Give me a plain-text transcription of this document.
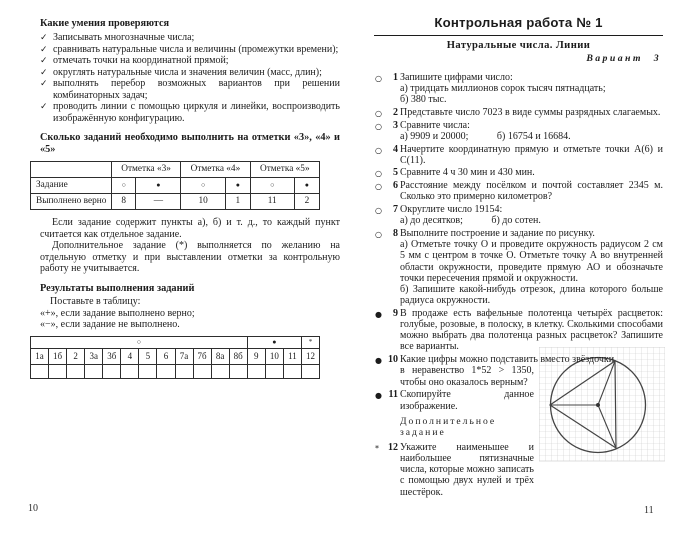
Какие умения проверяются
✓ Записывать многозначные числа;
✓ сравнивать натуральные числа и величины (промежутки времени);
✓ отмечать точки на координатной прямой;
✓ округлять натуральные числа и значения величин (масс, длин);
✓ выполнять перебор возможных вариантов при решении комбинаторных задач;
✓ проводить линии с помощью циркуля и линейки, воспроизводить изображённую конфигурацию.
Сколько заданий необходимо выполнить на отметки «3», «4» и «5»
	Отметка «3»		Отметка «4»		Отметка «5»	
Задание	○	●	○	●	○	●
Выполнено верно	8	—	10	1	11	2
Если задание содержит пункты а), б) и т. д., то каждый пункт считается как отдельное задание.
Дополнительное задание (*) выполняется по желанию на отдельную отметку и при выставлении отметки за контрольную работу не учитывается.
Результаты выполнения заданий
Поставьте в таблицу:
«+», если задание выполнено верно;
«−», если задание не выполнено.
○												●			*
1а	1б	2	3а	3б	4	5	6	7а	7б	8а	8б	9	10	11	12

Контрольная работа № 1
Натуральные числа. Линии
Вариант 3
○	1 Запишите цифрами число:
а) тридцать миллионов сорок тысяч пятнадцать;
б) 380 тыс.
○	2 Представьте число 7023 в виде суммы разрядных слагаемых.
○	3 Сравните числа:
а) 9909 и 20000;	б) 16754 и 16684.
○	4 Начертите координатную прямую и отметьте точки А(6) и С(11).
○	5 Сравните 4 ч 30 мин и 430 мин.
○	6 Расстояние между посёлком и почтой составляет 2345 м. Сколько это примерно километров?
○	7 Округлите число 19154:
а) до десятков;	б) до сотен.
○	8 Выполните построение и задание по рисунку.
а) Отметьте точку О и проведите окружность радиусом 2 см 5 мм с центром в точке О. Отметьте точку А во внутренней области окружности, проведите прямую АО и обозначьте точки пересечения прямой и окружности.
б) Запишите какой-нибудь отрезок, длина которого больше радиуса окружности.
●	9 В продаже есть вафельные полотенца четырёх расцветок: голубые, розовые, в полоску, в клетку. Сколькими способами можно выбрать два полотенца разных расцветок? Запишите все варианты.
● 10 Какие цифры можно подставить вместо звёздочки
в неравенство 1*52 > 1350, чтобы оно оказалось верным?
● 11 Скопируйте данное изображение.
Дополнительное задание
* 12 Укажите наименьшее и наибольшее пятизначные числа, которые можно записать с помощью двух нулей и трёх шестёрок.
10	11
